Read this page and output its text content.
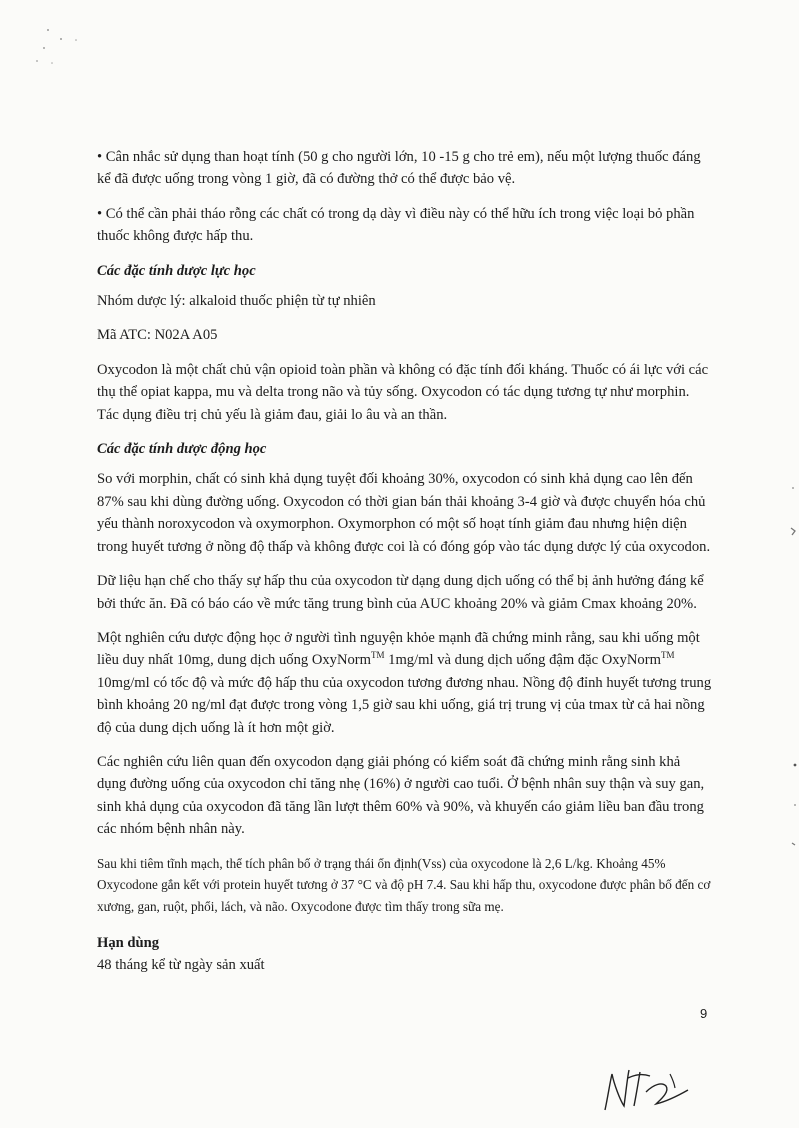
• Cân nhắc sử dụng than hoạt tính (50 g cho người lớn, 10 -15 g cho trẻ em), nếu một lượng thuốc đáng kể đã được uống trong vòng 1 giờ, đã có đường thở có thể được bảo vệ.

• Có thể cần phải tháo rỗng các chất có trong dạ dày vì điều này có thể hữu ích trong việc loại bỏ phần thuốc không được hấp thu.

Các đặc tính dược lực học

Nhóm dược lý: alkaloid thuốc phiện từ tự nhiên

Mã ATC: N02A A05

Oxycodon là một chất chủ vận opioid toàn phần và không có đặc tính đối kháng. Thuốc có ái lực với các thụ thể opiat kappa, mu và delta trong não và tủy sống. Oxycodon có tác dụng tương tự như morphin. Tác dụng điều trị chủ yếu là giảm đau, giải lo âu và an thần.

Các đặc tính dược động học

So với morphin, chất có sinh khả dụng tuyệt đối khoảng 30%, oxycodon có sinh khả dụng cao lên đến 87% sau khi dùng đường uống. Oxycodon có thời gian bán thải khoảng 3-4 giờ và được chuyển hóa chủ yếu thành noroxycodon và oxymorphon. Oxymorphon có một số hoạt tính giảm đau nhưng hiện diện trong huyết tương ở nồng độ thấp và không được coi là có đóng góp vào tác dụng dược lý của oxycodon.

Dữ liệu hạn chế cho thấy sự hấp thu của oxycodon từ dạng dung dịch uống có thể bị ảnh hưởng đáng kể bởi thức ăn. Đã có báo cáo về mức tăng trung bình của AUC khoảng 20% và giảm Cmax khoảng 20%.

Một nghiên cứu dược động học ở người tình nguyện khỏe mạnh đã chứng minh rằng, sau khi uống một liều duy nhất 10mg, dung dịch uống OxyNorm™ 1mg/ml và dung dịch uống đậm đặc OxyNorm™ 10mg/ml có tốc độ và mức độ hấp thu của oxycodon tương đương nhau. Nồng độ đỉnh huyết tương trung bình khoảng 20 ng/ml đạt được trong vòng 1,5 giờ sau khi uống, giá trị trung vị của tmax từ cả hai nồng độ của dung dịch uống là ít hơn một giờ.

Các nghiên cứu liên quan đến oxycodon dạng giải phóng có kiểm soát đã chứng minh rằng sinh khả dụng đường uống của oxycodon chỉ tăng nhẹ (16%) ở người cao tuổi. Ở bệnh nhân suy thận và suy gan, sinh khả dụng của oxycodon đã tăng lần lượt thêm 60% và 90%, và khuyến cáo giảm liều ban đầu trong các nhóm bệnh nhân này.

Sau khi tiêm tĩnh mạch, thể tích phân bố ở trạng thái ổn định(Vss) của oxycodone là 2,6 L/kg. Khoảng 45% Oxycodone gắn kết với protein huyết tương ở 37 °C và độ pH 7.4. Sau khi hấp thu, oxycodone được phân bố đến cơ xương, gan, ruột, phổi, lách, và não. Oxycodone được tìm thấy trong sữa mẹ.

Hạn dùng

48 tháng kể từ ngày sản xuất

9
